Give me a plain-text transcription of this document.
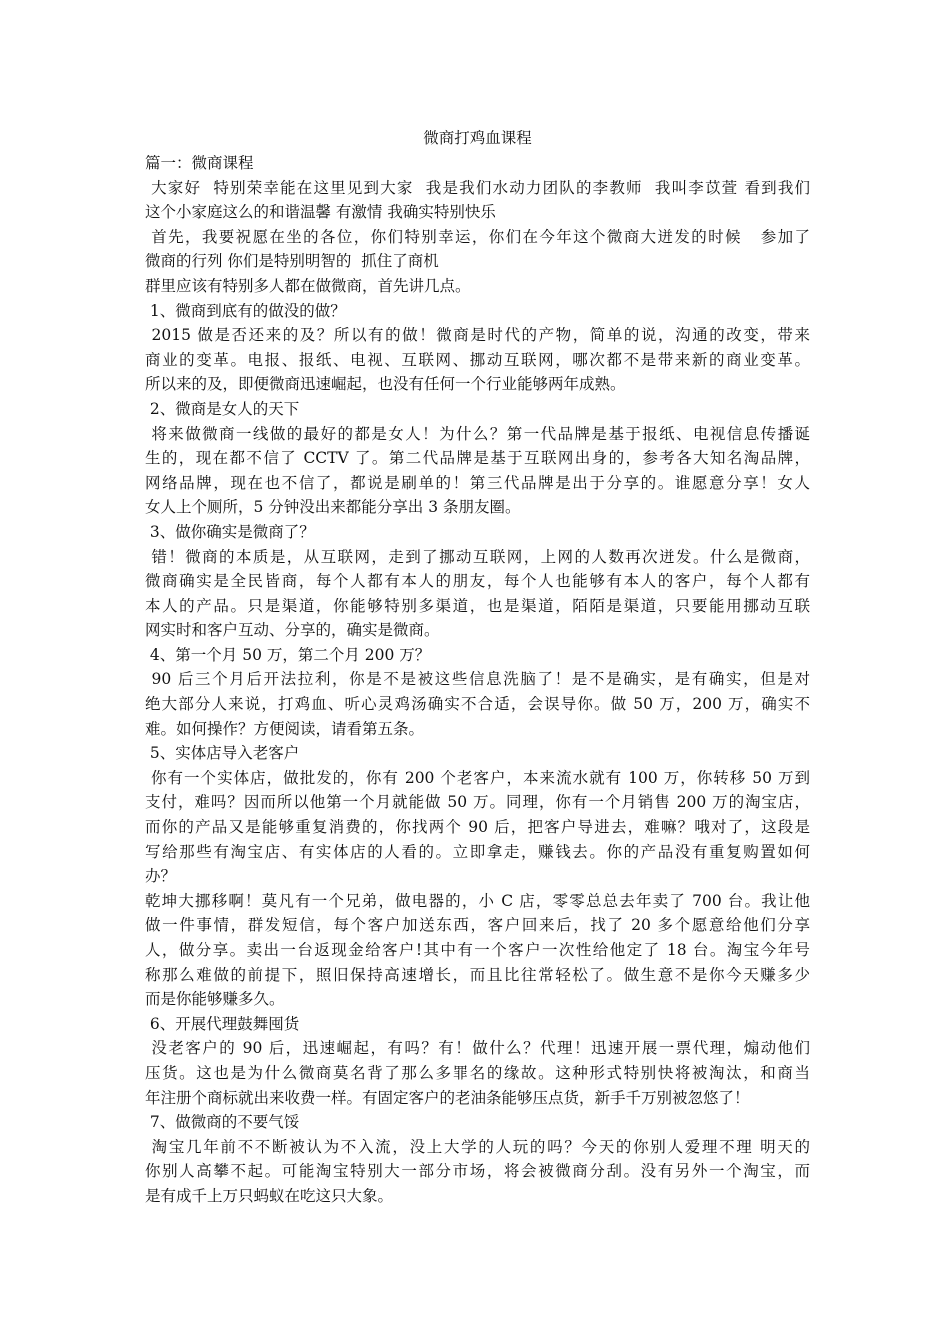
微商打鸡血课程

篇一：微商课程

大家好  特别荣幸能在这里见到大家  我是我们水动力团队的李教师  我叫李苡萱 看到我们

这个小家庭这么的和谐温馨 有激情 我确实特别快乐

首先，我要祝愿在坐的各位，你们特别幸运，你们在今年这个微商大迸发的时候   参加了

微商的行列 你们是特别明智的  抓住了商机

群里应该有特别多人都在做微商，首先讲几点。

1、微商到底有的做没的做？

2015 做是否还来的及？所以有的做！微商是时代的产物，简单的说，沟通的改变，带来

商业的变革。电报、报纸、电视、互联网、挪动互联网，哪次都不是带来新的商业变革。

所以来的及，即便微商迅速崛起，也没有任何一个行业能够两年成熟。

2、微商是女人的天下

将来做微商一线做的最好的都是女人！为什么？第一代品牌是基于报纸、电视信息传播诞

生的，现在都不信了 CCTV 了。第二代品牌是基于互联网出身的，参考各大知名淘品牌，

网络品牌，现在也不信了，都说是刷单的！第三代品牌是出于分享的。谁愿意分享！女人

女人上个厕所，5 分钟没出来都能分享出 3 条朋友圈。

3、做你确实是微商了？

错！微商的本质是，从互联网，走到了挪动互联网，上网的人数再次迸发。什么是微商，

微商确实是全民皆商，每个人都有本人的朋友，每个人也能够有本人的客户，每个人都有

本人的产品。只是渠道，你能够特别多渠道，也是渠道，陌陌是渠道，只要能用挪动互联

网实时和客户互动、分享的，确实是微商。

4、第一个月 50 万，第二个月 200 万？

90 后三个月后开法拉利，你是不是被这些信息洗脑了！是不是确实，是有确实，但是对

绝大部分人来说，打鸡血、听心灵鸡汤确实不合适，会误导你。做 50 万，200 万，确实不

难。如何操作？方便阅读，请看第五条。

5、实体店导入老客户

你有一个实体店，做批发的，你有 200 个老客户，本来流水就有 100 万，你转移 50 万到

支付，难吗？因而所以他第一个月就能做 50 万。同理，你有一个月销售 200 万的淘宝店，

而你的产品又是能够重复消费的，你找两个 90 后，把客户导进去，难嘛？哦对了，这段是

写给那些有淘宝店、有实体店的人看的。立即拿走，赚钱去。你的产品没有重复购置如何

办？

乾坤大挪移啊！莫凡有一个兄弟，做电器的，小 C 店，零零总总去年卖了 700 台。我让他

做一件事情，群发短信，每个客户加送东西，客户回来后，找了 20 多个愿意给他们分享

人，做分享。卖出一台返现金给客户!其中有一个客户一次性给他定了 18 台。淘宝今年号

称那么难做的前提下，照旧保持高速增长，而且比往常轻松了。做生意不是你今天赚多少

而是你能够赚多久。

6、开展代理鼓舞囤货

没老客户的 90 后，迅速崛起，有吗？有！做什么？代理！迅速开展一票代理，煽动他们

压货。这也是为什么微商莫名背了那么多罪名的缘故。这种形式特别快将被淘汰，和商当

年注册个商标就出来收费一样。有固定客户的老油条能够压点货，新手千万别被忽悠了！

7、做微商的不要气馁

淘宝几年前不不断被认为不入流，没上大学的人玩的吗？今天的你别人爱理不理 明天的

你别人高攀不起。可能淘宝特别大一部分市场，将会被微商分刮。没有另外一个淘宝，而

是有成千上万只蚂蚁在吃这只大象。
